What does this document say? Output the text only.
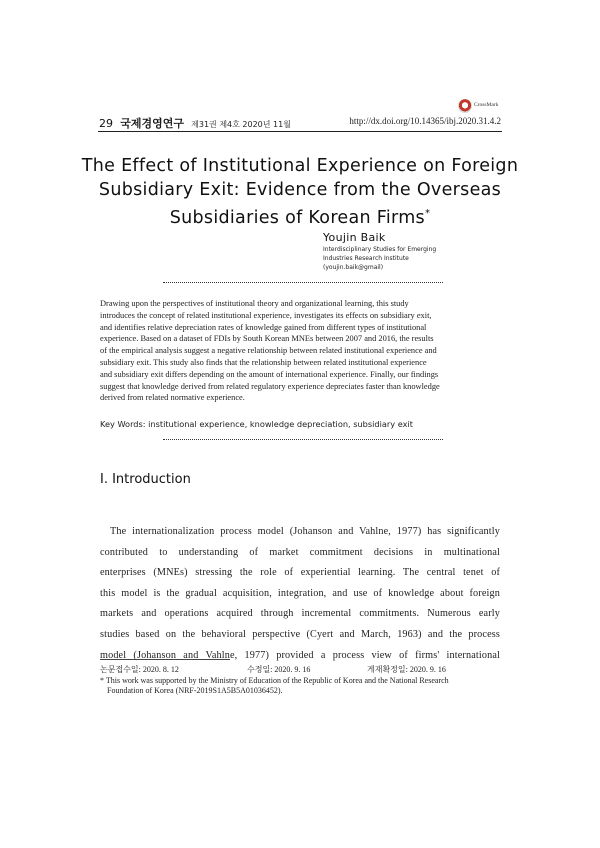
29 국제경영연구 제31권 제4호 2020년 11월
CrossMark
http://dx.doi.org/10.14365/ibj.2020.31.4.2
The Effect of Institutional Experience on Foreign
Subsidiary Exit: Evidence from the Overseas
Subsidiaries of Korean Firms*
Youjin Baik
Interdisciplinary Studies for Emerging
Industries Research Institute
(youjin.baik@gmail)
Drawing upon the perspectives of institutional theory and organizational learning, this study
introduces the concept of related institutional experience, investigates its effects on subsidiary exit,
and identifies relative depreciation rates of knowledge gained from different types of institutional
experience. Based on a dataset of FDIs by South Korean MNEs between 2007 and 2016, the results
of the empirical analysis suggest a negative relationship between related institutional experience and
subsidiary exit. This study also finds that the relationship between related institutional experience
and subsidiary exit differs depending on the amount of international experience. Finally, our findings
suggest that knowledge derived from related regulatory experience depreciates faster than knowledge
derived from related normative experience.
Key Words: institutional experience, knowledge depreciation, subsidiary exit
Ⅰ. Introduction
The internationalization process model (Johanson and Vahlne, 1977) has significantly
contributed to understanding of market commitment decisions in multinational
enterprises (MNEs) stressing the role of experiential learning. The central tenet of
this model is the gradual acquisition, integration, and use of knowledge about foreign
markets and operations acquired through incremental commitments. Numerous early
studies based on the behavioral perspective (Cyert and March, 1963) and the process
model (Johanson and Vahlne, 1977) provided a process view of firms' international
논문접수일: 2020. 8. 12	수정일: 2020. 9. 16	게재확정일: 2020. 9. 16
* This work was supported by the Ministry of Education of the Republic of Korea and the National Research
Foundation of Korea (NRF-2019S1A5B5A01036452).
